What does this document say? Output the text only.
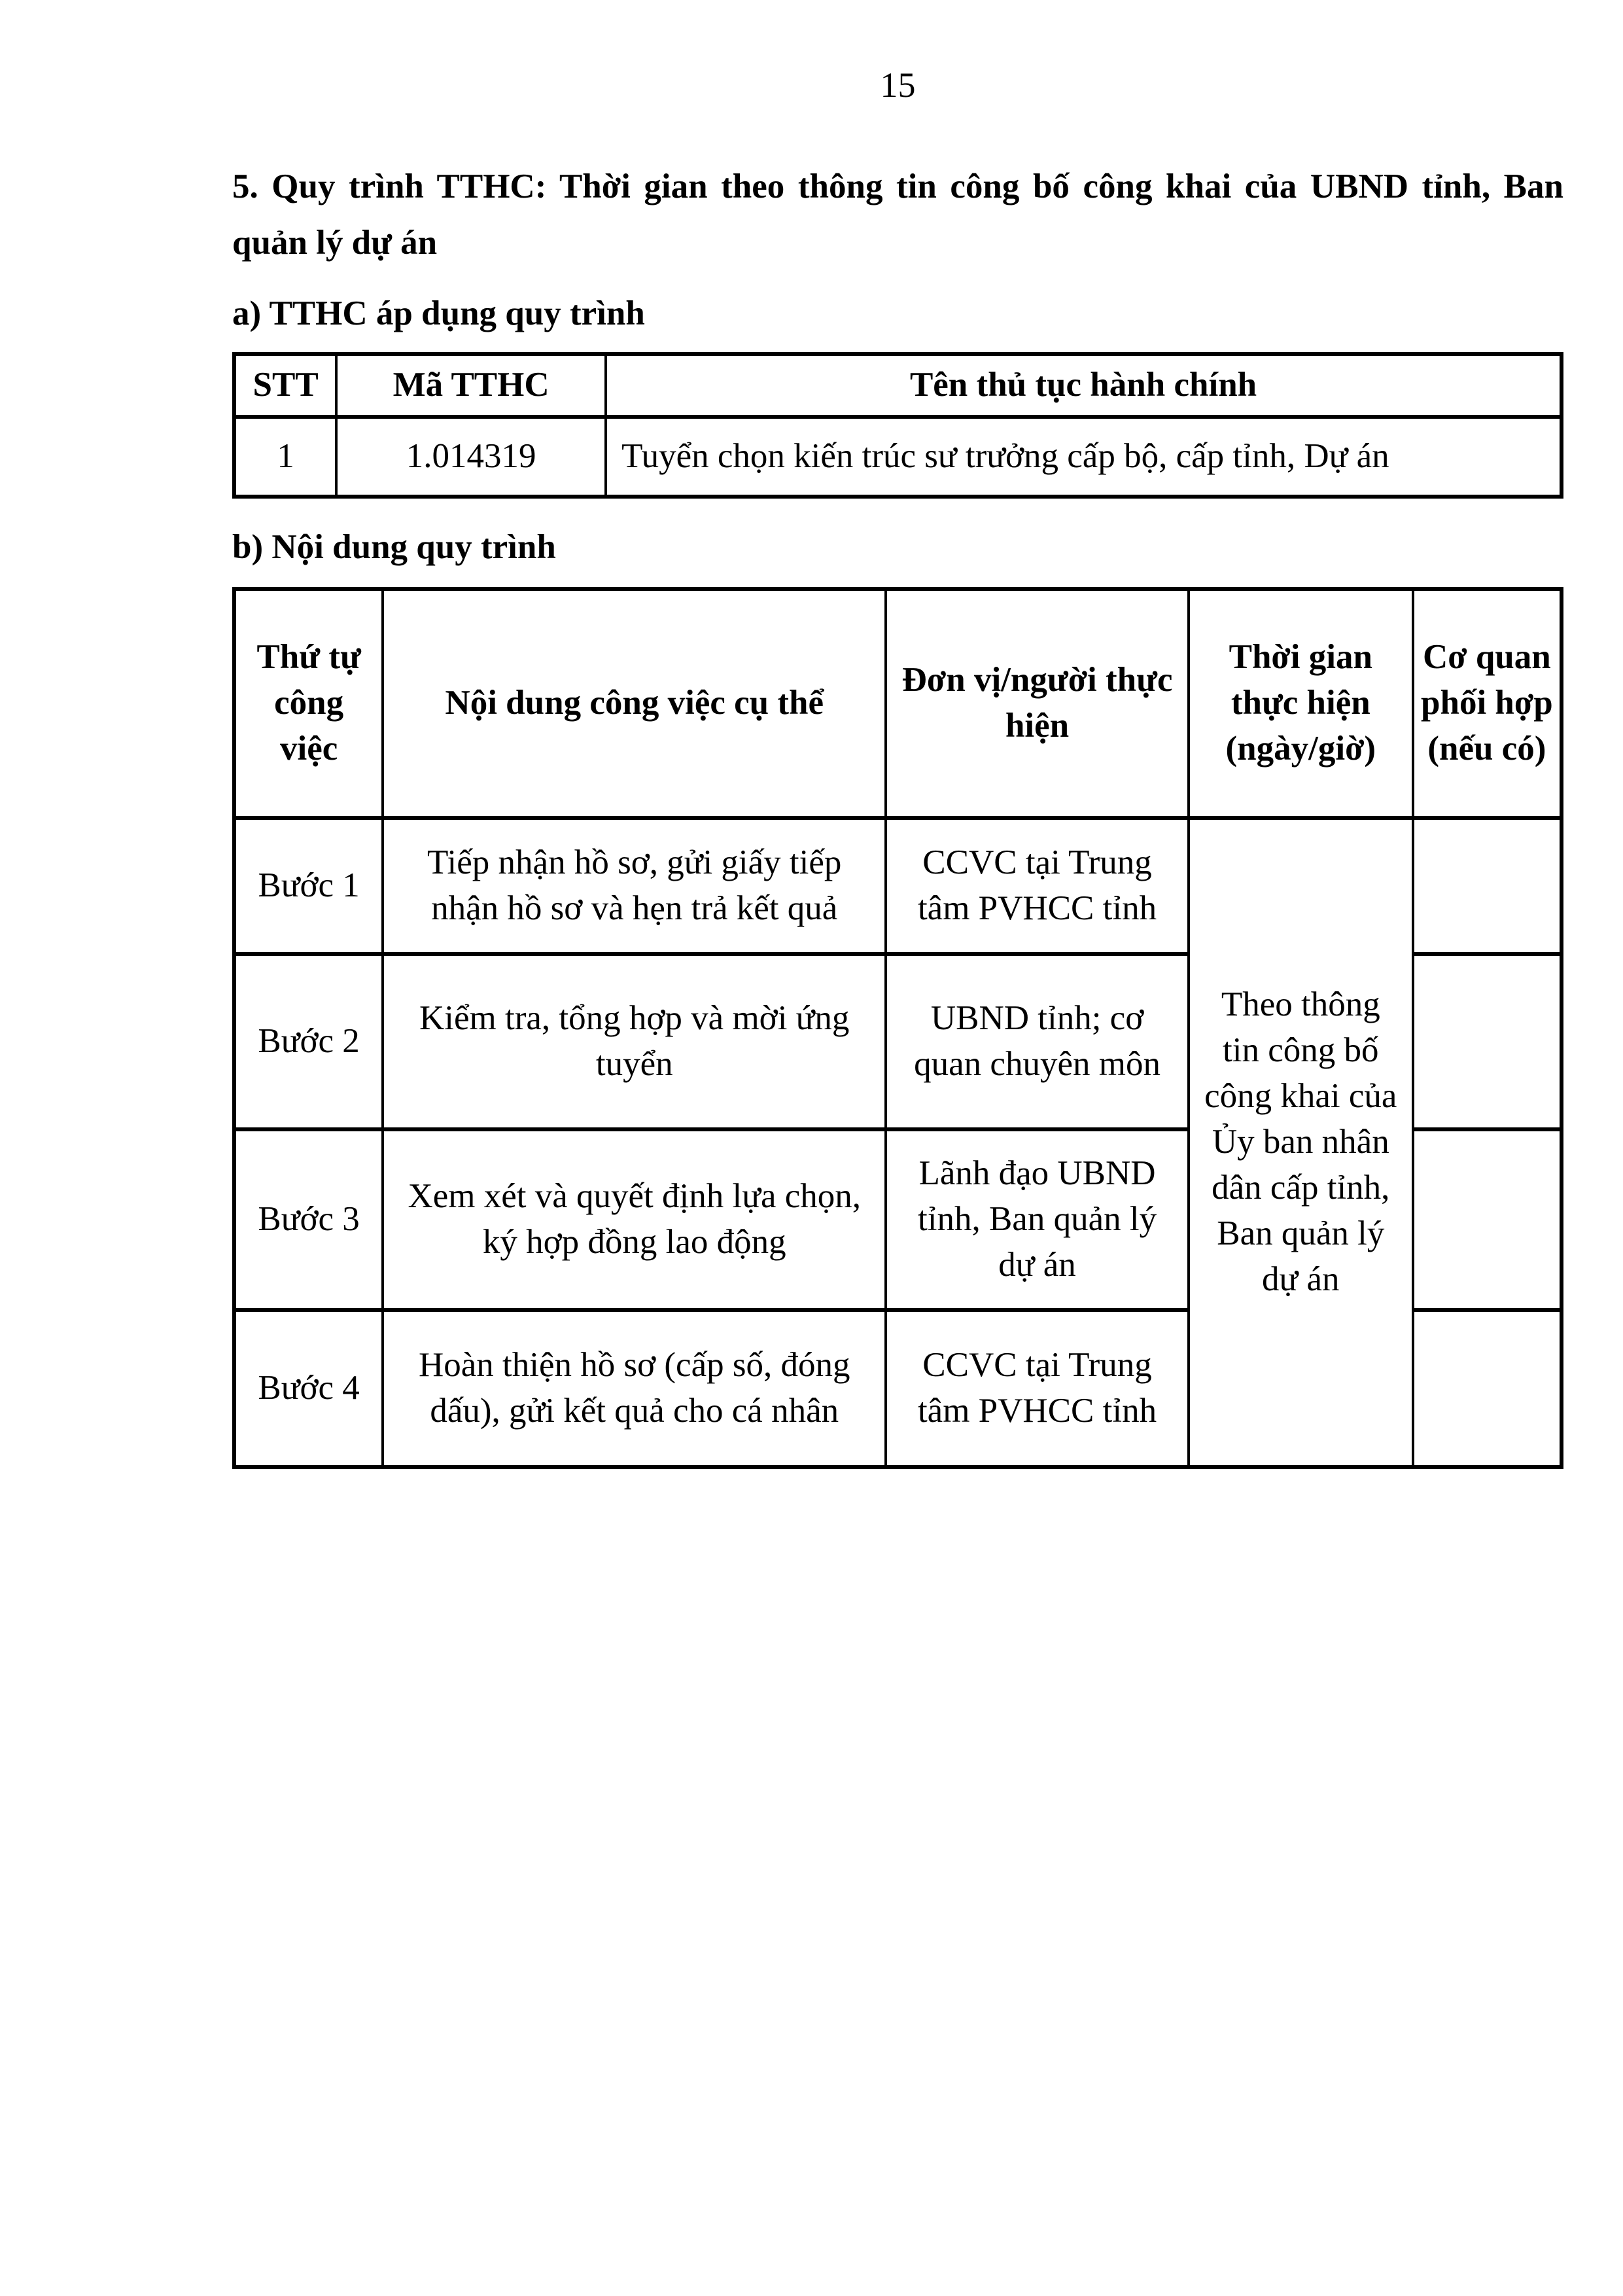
15
5. Quy trình TTHC: Thời gian theo thông tin công bố công khai của UBND tỉnh, Ban quản lý dự án
a) TTHC áp dụng quy trình
STT	Mã TTHC	Tên thủ tục hành chính
1	1.014319	Tuyển chọn kiến trúc sư trưởng cấp bộ, cấp tỉnh, Dự án
b) Nội dung quy trình
Thứ tự công việc	Nội dung công việc cụ thể	Đơn vị/người thực hiện	Thời gian thực hiện (ngày/giờ)	Cơ quan phối hợp (nếu có)
Bước 1	Tiếp nhận hồ sơ, gửi giấy tiếp nhận hồ sơ và hẹn trả kết quả	CCVC tại Trung tâm PVHCC tỉnh	Theo thông tin công bố công khai của Ủy ban nhân dân cấp tỉnh, Ban quản lý dự án	
Bước 2	Kiểm tra, tổng hợp và mời ứng tuyển	UBND tỉnh; cơ quan chuyên môn		
Bước 3	Xem xét và quyết định lựa chọn, ký hợp đồng lao động	Lãnh đạo UBND tỉnh, Ban quản lý dự án		
Bước 4	Hoàn thiện hồ sơ (cấp số, đóng dấu), gửi kết quả cho cá nhân	CCVC tại Trung tâm PVHCC tỉnh		
